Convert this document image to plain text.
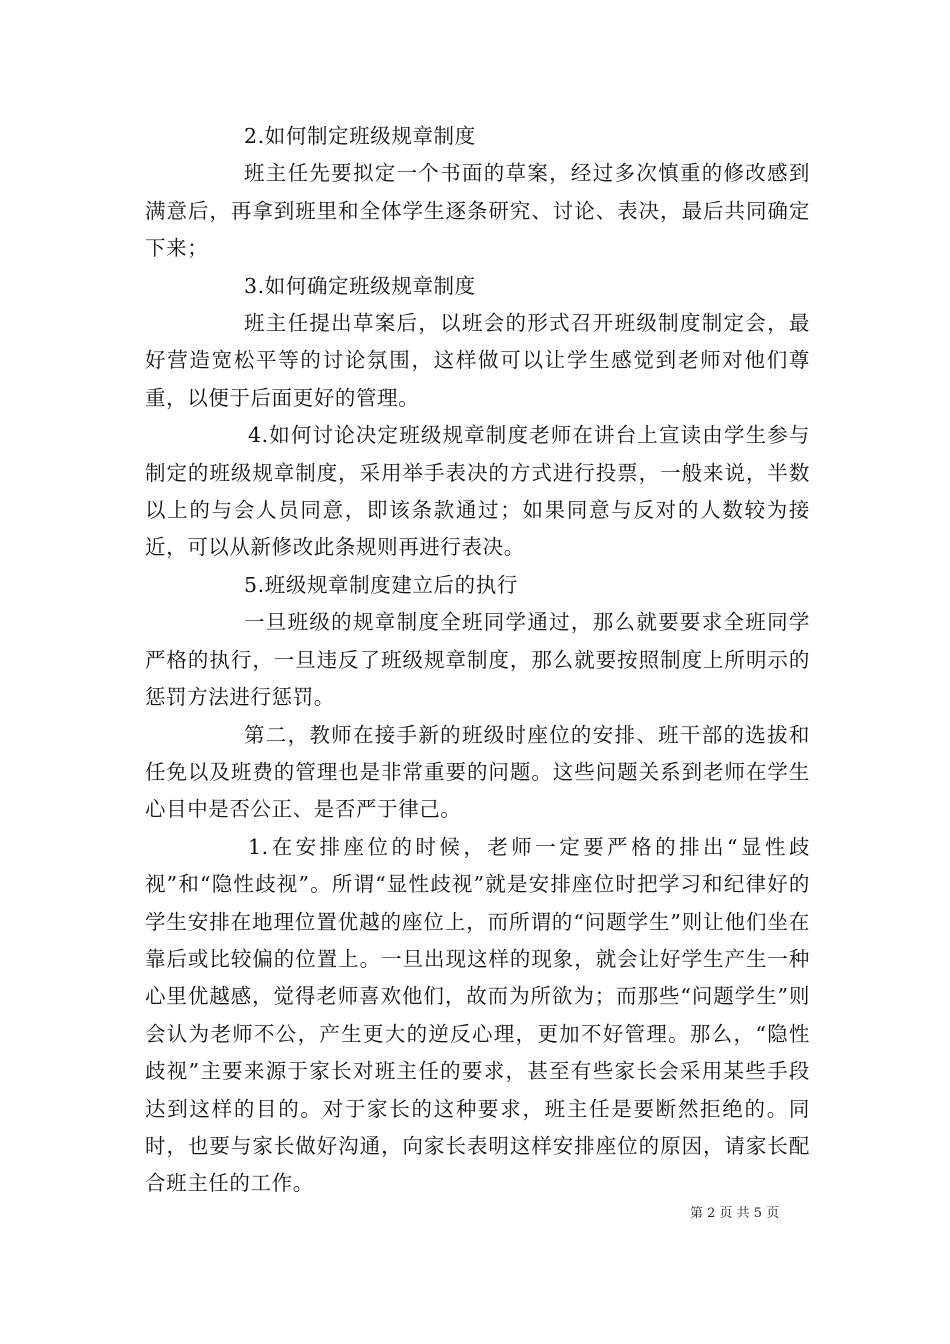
2.如何制定班级规章制度

班主任先要拟定一个书面的草案，经过多次慎重的修改感到满意后，再拿到班里和全体学生逐条研究、讨论、表决，最后共同确定下来；

3.如何确定班级规章制度

班主任提出草案后，以班会的形式召开班级制度制定会，最好营造宽松平等的讨论氛围，这样做可以让学生感觉到老师对他们尊重，以便于后面更好的管理。

4.如何讨论决定班级规章制度老师在讲台上宣读由学生参与制定的班级规章制度，采用举手表决的方式进行投票，一般来说，半数以上的与会人员同意，即该条款通过；如果同意与反对的人数较为接近，可以从新修改此条规则再进行表决。

5.班级规章制度建立后的执行

一旦班级的规章制度全班同学通过，那么就要要求全班同学严格的执行，一旦违反了班级规章制度，那么就要按照制度上所明示的惩罚方法进行惩罚。

第二，教师在接手新的班级时座位的安排、班干部的选拔和任免以及班费的管理也是非常重要的问题。这些问题关系到老师在学生心目中是否公正、是否严于律己。

1.在安排座位的时候，老师一定要严格的排出“显性歧视”和“隐性歧视”。所谓“显性歧视”就是安排座位时把学习和纪律好的学生安排在地理位置优越的座位上，而所谓的“问题学生”则让他们坐在靠后或比较偏的位置上。一旦出现这样的现象，就会让好学生产生一种心里优越感，觉得老师喜欢他们，故而为所欲为；而那些“问题学生”则会认为老师不公，产生更大的逆反心理，更加不好管理。那么，“隐性歧视”主要来源于家长对班主任的要求，甚至有些家长会采用某些手段达到这样的目的。对于家长的这种要求，班主任是要断然拒绝的。同时，也要与家长做好沟通，向家长表明这样安排座位的原因，请家长配合班主任的工作。

第 2 页 共 5 页
